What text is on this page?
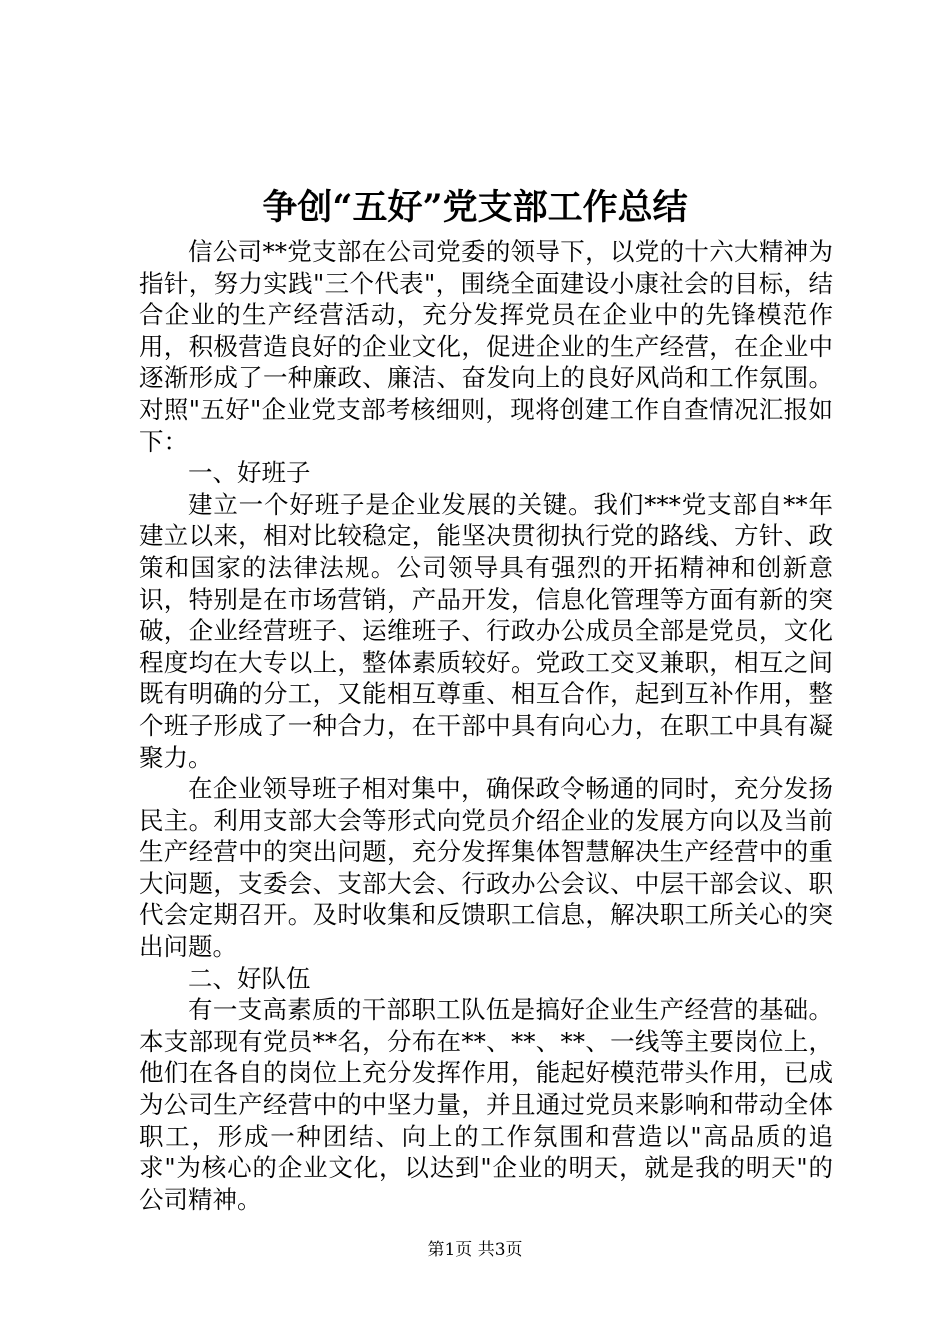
争创“五好”党支部工作总结

信公司**党支部在公司党委的领导下，以党的十六大精神为指针，努力实践"三个代表"，围绕全面建设小康社会的目标，结合企业的生产经营活动，充分发挥党员在企业中的先锋模范作用，积极营造良好的企业文化，促进企业的生产经营，在企业中逐渐形成了一种廉政、廉洁、奋发向上的良好风尚和工作氛围。对照"五好"企业党支部考核细则，现将创建工作自查情况汇报如下：

一、好班子

建立一个好班子是企业发展的关键。我们***党支部自**年建立以来，相对比较稳定，能坚决贯彻执行党的路线、方针、政策和国家的法律法规。公司领导具有强烈的开拓精神和创新意识，特别是在市场营销，产品开发，信息化管理等方面有新的突破，企业经营班子、运维班子、行政办公成员全部是党员，文化程度均在大专以上，整体素质较好。党政工交叉兼职，相互之间既有明确的分工，又能相互尊重、相互合作，起到互补作用，整个班子形成了一种合力，在干部中具有向心力，在职工中具有凝聚力。

在企业领导班子相对集中，确保政令畅通的同时，充分发扬民主。利用支部大会等形式向党员介绍企业的发展方向以及当前生产经营中的突出问题，充分发挥集体智慧解决生产经营中的重大问题，支委会、支部大会、行政办公会议、中层干部会议、职代会定期召开。及时收集和反馈职工信息，解决职工所关心的突出问题。

二、好队伍

有一支高素质的干部职工队伍是搞好企业生产经营的基础。本支部现有党员**名，分布在**、**、**、一线等主要岗位上，他们在各自的岗位上充分发挥作用，能起好模范带头作用，已成为公司生产经营中的中坚力量，并且通过党员来影响和带动全体职工，形成一种团结、向上的工作氛围和营造以"高品质的追求"为核心的企业文化，以达到"企业的明天，就是我的明天"的公司精神。

第1页 共3页
